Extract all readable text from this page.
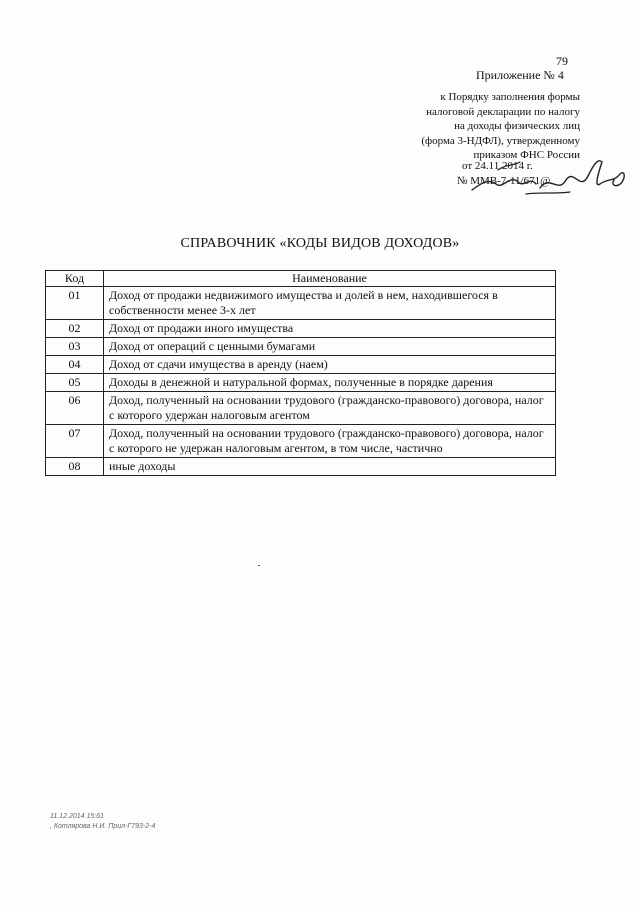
79
Приложение № 4
к Порядку заполнения формы
налоговой декларации по налогу
на доходы физических лиц
(форма 3-НДФЛ), утвержденному
приказом ФНС России
от 24.11.2014 г.
№ ММВ-7-11/671@
СПРАВОЧНИК «КОДЫ ВИДОВ ДОХОДОВ»
Код	Наименование
01	Доход от продажи недвижимого имущества и долей в нем, находившегося в собственности менее 3-х лет
02	Доход от продажи иного имущества
03	Доход от операций с ценными бумагами
04	Доход от сдачи имущества в аренду (наем)
05	Доходы в денежной и натуральной формах, полученные в порядке дарения
06	Доход, полученный на основании трудового (гражданско-правового) договора, налог с которого удержан налоговым агентом
07	Доход, полученный на основании трудового (гражданско-правового) договора, налог с которого не удержан налоговым агентом, в том числе, частично
08	иные доходы
11.12.2014 15:61
, Котлярова Н.И. Прил-Г793-2-4
